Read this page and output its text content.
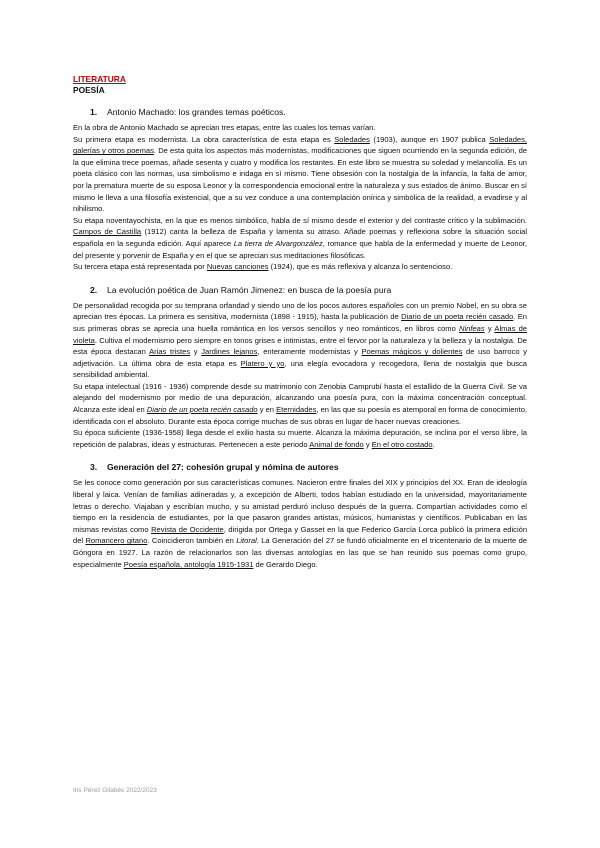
LITERATURA
POESÍA
1. Antonio Machado: los grandes temas poéticos.

En la obra de Antonio Machado se aprecian tres etapas, entre las cuales los temas varían.

Su primera etapa es modernista. La obra característica de esta etapa es Soledades (1903), aunque en 1907 publica Soledades, galerías y otros poemas. De esta quita los aspectos más modernistas, modificaciones que siguen ocurriendo en la segunda edición, de la que elimina trece poemas, añade sesenta y cuatro y modifica los restantes. En este libro se muestra su soledad y melancolía. Es un poeta clásico con las normas, usa simbolismo e indaga en sí mismo. Tiene obsesión con la nostalgia de la infancia, la falta de amor, por la prematura muerte de su esposa Leonor y la correspondencia emocional entre la naturaleza y sus estados de ánimo. Buscar en sí mismo le lleva a una filosofía existencial, que a su vez conduce a una contemplación onírica y simbólica de la realidad, a evadirse y al nihilismo.

Su etapa noventayochista, en la que es menos simbólico, habla de sí mismo desde el exterior y del contraste crítico y la sublimación. Campos de Castilla (1912) canta la belleza de España y lamenta su atraso. Añade poemas y reflexiona sobre la situación social española en la segunda edición. Aquí aparece La tierra de Alvargonzález, romance que habla de la enfermedad y muerte de Leonor, del presente y porvenir de España y en el que se aprecian sus meditaciones filosóficas.

Su tercera etapa está representada por Nuevas canciones (1924), que es más reflexiva y alcanza lo sentencioso.

2. La evolución poética de Juan Ramón Jimenez: en busca de la poesía pura

De personalidad recogida por su temprana orfandad y siendo uno de los pocos autores españoles con un premio Nobel, en su obra se aprecian tres épocas. La primera es sensitiva, modernista (1898 - 1915), hasta la publicación de Diario de un poeta recién casado. En sus primeras obras se aprecia una huella romántica en los versos sencillos y neo románticos, en libros como Ninfeas y Almas de violeta. Cultiva el modernismo pero siempre en tonos grises e intimistas, entre el fervor por la naturaleza y la belleza y la nostalgia. De esta época destacan Arias tristes y Jardines lejanos, enteramente modernistas y Poemas mágicos y dolientes de uso barroco y adjetivación. La última obra de esta etapa es Platero y yo, una elegía evocadora y recogedora, llena de nostalgia que busca sensibilidad ambiental.

Su etapa intelectual (1916 - 1936) comprende desde su matrimonio con Zenobia Camprubí hasta el estallido de la Guerra Civil. Se va alejando del modernismo por medio de una depuración, alcanzando una poesía pura, con la máxima concentración conceptual. Alcanza este ideal en Diario de un poeta recién casado y en Eternidades, en las que su poesía es atemporal en forma de conocimiento, identificada con el absoluto. Durante esta época corrige muchas de sus obras en lugar de hacer nuevas creaciones.

Su época suficiente (1936-1958) llega desde el exilio hasta su muerte. Alcanza la máxima depuración, se inclina por el verso libre, la repetición de palabras, ideas y estructuras. Pertenecen a este periodo Animal de fondo y En el otro costado.

3. Generación del 27: cohesión grupal y nómina de autores

Se les conoce como generación por sus características comunes. Nacieron entre finales del XIX y principios del XX. Eran de ideología liberal y laica. Venían de familias adineradas y, a excepción de Alberti, todos habían estudiado en la universidad, mayoritariamente letras o derecho. Viajaban y escribían mucho, y su amistad perduró incluso después de la guerra. Compartían actividades como el tiempo en la residencia de estudiantes, por la que pasaron grandes artistas, músicos, humanistas y científicos. Publicaban en las mismas revistas como Revista de Occidente, dirigida por Ortega y Gasset en la que Federico García Lorca publicó la primera edición del Romancero gitano. Coincidieron también en Litoral. La Generación del 27 se fundó oficialmente en el tricentenario de la muerte de Góngora en 1927. La razón de relacionarlos son las diversas antologías en las que se han reunido sus poemas como grupo, especialmente Poesía española, antología 1915-1931 de Gerardo Diego.

Iris Pérez Gilabés 2022/2023
